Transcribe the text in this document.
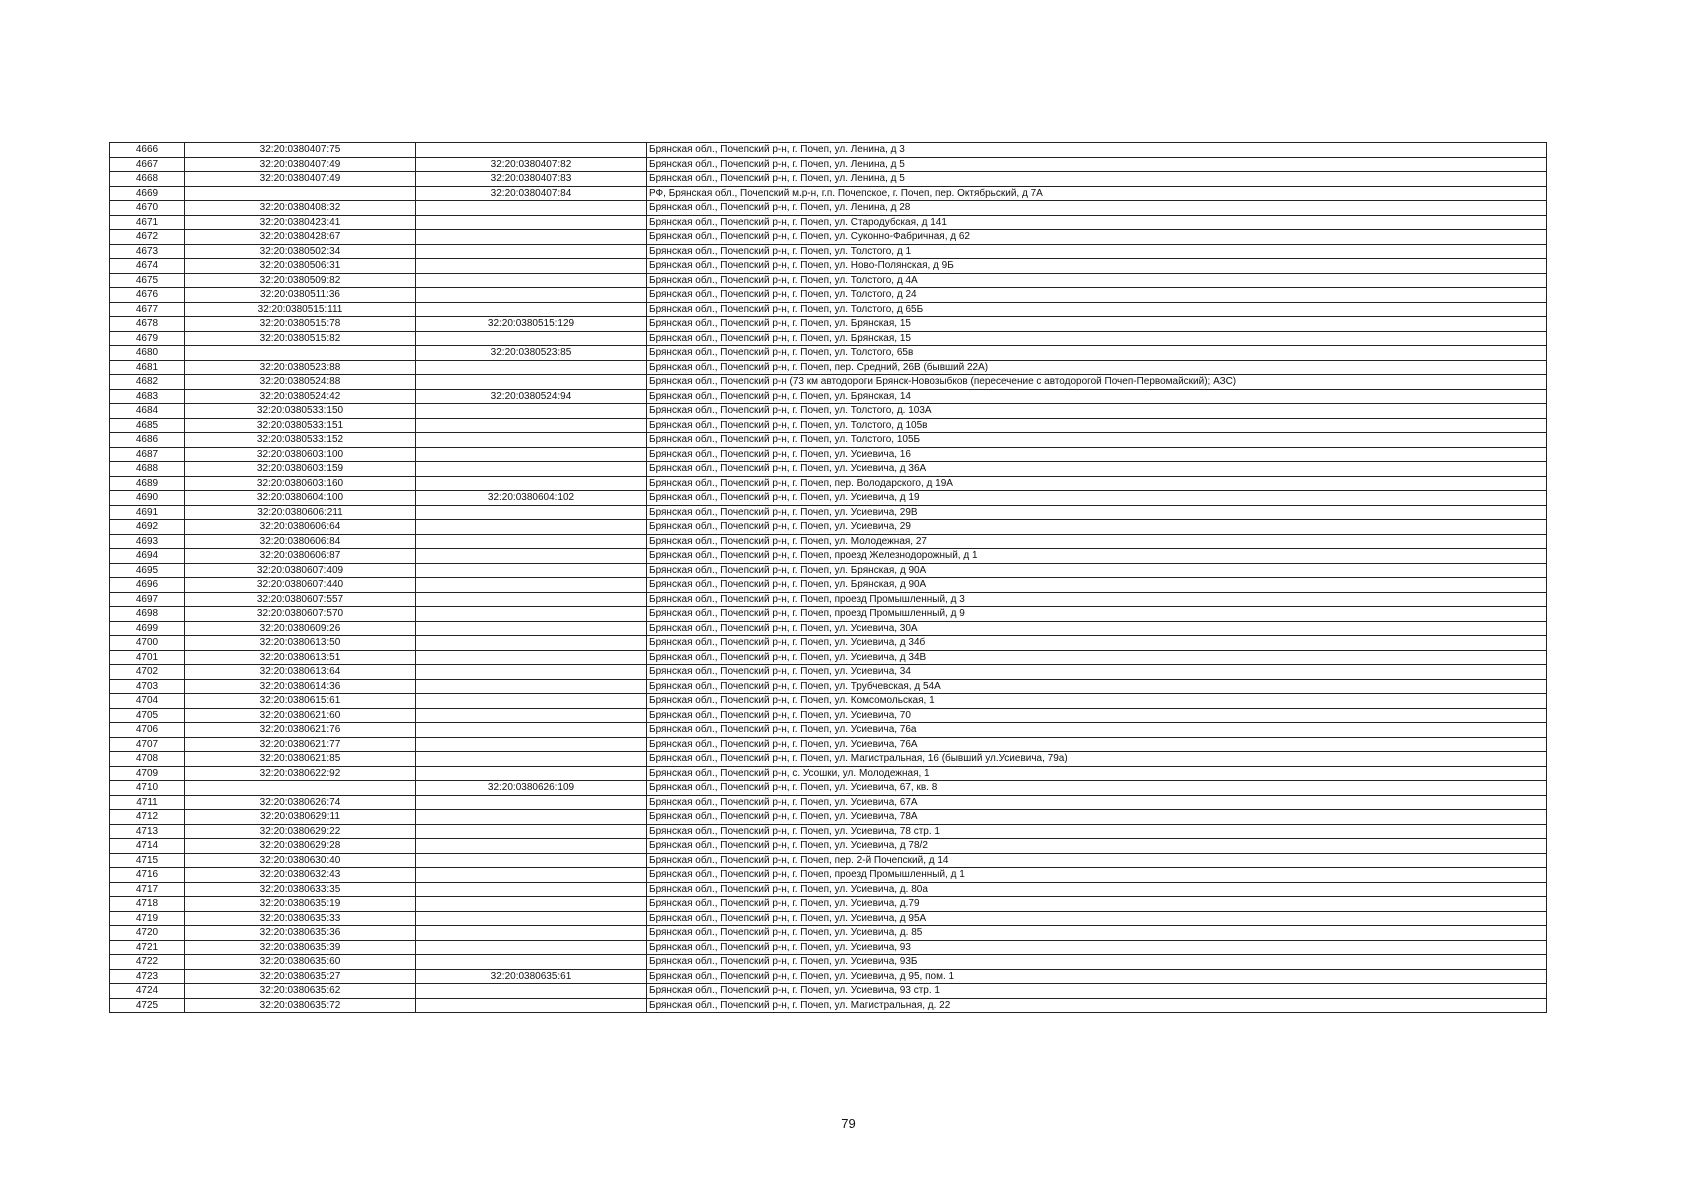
4666	32:20:0380407:75		Брянская обл., Почепский р-н, г. Почеп, ул. Ленина, д 3
4667	32:20:0380407:49	32:20:0380407:82	Брянская обл., Почепский р-н, г. Почеп, ул. Ленина, д 5
4668	32:20:0380407:49	32:20:0380407:83	Брянская обл., Почепский р-н, г. Почеп, ул. Ленина, д 5
4669		32:20:0380407:84	РФ, Брянская обл., Почепский м.р-н, г.п. Почепское, г. Почеп, пер. Октябрьский, д 7А
4670	32:20:0380408:32		Брянская обл., Почепский р-н, г. Почеп, ул. Ленина, д 28
4671	32:20:0380423:41		Брянская обл., Почепский р-н, г. Почеп, ул. Стародубская, д 141
4672	32:20:0380428:67		Брянская обл., Почепский р-н, г. Почеп, ул. Суконно-Фабричная, д 62
4673	32:20:0380502:34		Брянская обл., Почепский р-н, г. Почеп, ул. Толстого, д 1
4674	32:20:0380506:31		Брянская обл., Почепский р-н, г. Почеп, ул. Ново-Полянская, д 9Б
4675	32:20:0380509:82		Брянская обл., Почепский р-н, г. Почеп, ул. Толстого, д 4А
4676	32:20:0380511:36		Брянская обл., Почепский р-н, г. Почеп, ул. Толстого, д 24
4677	32:20:0380515:111		Брянская обл., Почепский р-н, г. Почеп, ул. Толстого, д 65Б
4678	32:20:0380515:78	32:20:0380515:129	Брянская обл., Почепский р-н, г. Почеп, ул. Брянская, 15
4679	32:20:0380515:82		Брянская обл., Почепский р-н, г. Почеп, ул. Брянская, 15
4680		32:20:0380523:85	Брянская обл., Почепский р-н, г. Почеп, ул. Толстого, 65в
4681	32:20:0380523:88		Брянская обл., Почепский р-н, г. Почеп, пер. Средний, 26В (бывший 22А)
4682	32:20:0380524:88		Брянская обл., Почепский р-н (73 км автодороги Брянск-Новозыбков (пересечение с автодорогой Почеп-Первомайский); АЗС)
4683	32:20:0380524:42	32:20:0380524:94	Брянская обл., Почепский р-н, г. Почеп, ул. Брянская, 14
4684	32:20:0380533:150		Брянская обл., Почепский р-н, г. Почеп, ул. Толстого, д. 103А
4685	32:20:0380533:151		Брянская обл., Почепский р-н, г. Почеп, ул. Толстого, д 105в
4686	32:20:0380533:152		Брянская обл., Почепский р-н, г. Почеп, ул. Толстого, 105Б
4687	32:20:0380603:100		Брянская обл., Почепский р-н, г. Почеп, ул. Усиевича, 16
4688	32:20:0380603:159		Брянская обл., Почепский р-н, г. Почеп, ул. Усиевича, д 36А
4689	32:20:0380603:160		Брянская обл., Почепский р-н, г. Почеп, пер. Володарского, д 19А
4690	32:20:0380604:100	32:20:0380604:102	Брянская обл., Почепский р-н, г. Почеп, ул. Усиевича, д 19
4691	32:20:0380606:211		Брянская обл., Почепский р-н, г. Почеп, ул. Усиевича, 29В
4692	32:20:0380606:64		Брянская обл., Почепский р-н, г. Почеп, ул. Усиевича, 29
4693	32:20:0380606:84		Брянская обл., Почепский р-н, г. Почеп, ул. Молодежная, 27
4694	32:20:0380606:87		Брянская обл., Почепский р-н, г. Почеп, проезд Железнодорожный, д 1
4695	32:20:0380607:409		Брянская обл., Почепский р-н, г. Почеп, ул. Брянская, д 90А
4696	32:20:0380607:440		Брянская обл., Почепский р-н, г. Почеп, ул. Брянская, д 90А
4697	32:20:0380607:557		Брянская обл., Почепский р-н, г. Почеп, проезд Промышленный, д 3
4698	32:20:0380607:570		Брянская обл., Почепский р-н, г. Почеп, проезд Промышленный, д 9
4699	32:20:0380609:26		Брянская обл., Почепский р-н, г. Почеп, ул. Усиевича, 30А
4700	32:20:0380613:50		Брянская обл., Почепский р-н, г. Почеп, ул. Усиевича, д 34б
4701	32:20:0380613:51		Брянская обл., Почепский р-н, г. Почеп, ул. Усиевича, д 34В
4702	32:20:0380613:64		Брянская обл., Почепский р-н, г. Почеп, ул. Усиевича, 34
4703	32:20:0380614:36		Брянская обл., Почепский р-н, г. Почеп, ул. Трубчевская, д 54А
4704	32:20:0380615:61		Брянская обл., Почепский р-н, г. Почеп, ул. Комсомольская, 1
4705	32:20:0380621:60		Брянская обл., Почепский р-н, г. Почеп, ул. Усиевича, 70
4706	32:20:0380621:76		Брянская обл., Почепский р-н, г. Почеп, ул. Усиевича, 76а
4707	32:20:0380621:77		Брянская обл., Почепский р-н, г. Почеп, ул. Усиевича, 76А
4708	32:20:0380621:85		Брянская обл., Почепский р-н, г. Почеп, ул. Магистральная, 16 (бывший ул.Усиевича, 79а)
4709	32:20:0380622:92		Брянская обл., Почепский р-н, с. Усошки, ул. Молодежная, 1
4710		32:20:0380626:109	Брянская обл., Почепский р-н, г. Почеп, ул. Усиевича, 67, кв. 8
4711	32:20:0380626:74		Брянская обл., Почепский р-н, г. Почеп, ул. Усиевича, 67А
4712	32:20:0380629:11		Брянская обл., Почепский р-н, г. Почеп, ул. Усиевича, 78А
4713	32:20:0380629:22		Брянская обл., Почепский р-н, г. Почеп, ул. Усиевича, 78 стр. 1
4714	32:20:0380629:28		Брянская обл., Почепский р-н, г. Почеп, ул. Усиевича, д 78/2
4715	32:20:0380630:40		Брянская обл., Почепский р-н, г. Почеп, пер. 2-й Почепский, д 14
4716	32:20:0380632:43		Брянская обл., Почепский р-н, г. Почеп, проезд Промышленный, д 1
4717	32:20:0380633:35		Брянская обл., Почепский р-н, г. Почеп, ул. Усиевича, д. 80а
4718	32:20:0380635:19		Брянская обл., Почепский р-н, г. Почеп, ул. Усиевича, д.79
4719	32:20:0380635:33		Брянская обл., Почепский р-н, г. Почеп, ул. Усиевича, д 95А
4720	32:20:0380635:36		Брянская обл., Почепский р-н, г. Почеп, ул. Усиевича, д. 85
4721	32:20:0380635:39		Брянская обл., Почепский р-н, г. Почеп, ул. Усиевича, 93
4722	32:20:0380635:60		Брянская обл., Почепский р-н, г. Почеп, ул. Усиевича, 93Б
4723	32:20:0380635:27	32:20:0380635:61	Брянская обл., Почепский р-н, г. Почеп, ул. Усиевича, д 95, пом. 1
4724	32:20:0380635:62		Брянская обл., Почепский р-н, г. Почеп, ул. Усиевича, 93 стр. 1
4725	32:20:0380635:72		Брянская обл., Почепский р-н, г. Почеп, ул. Магистральная, д. 22
79
